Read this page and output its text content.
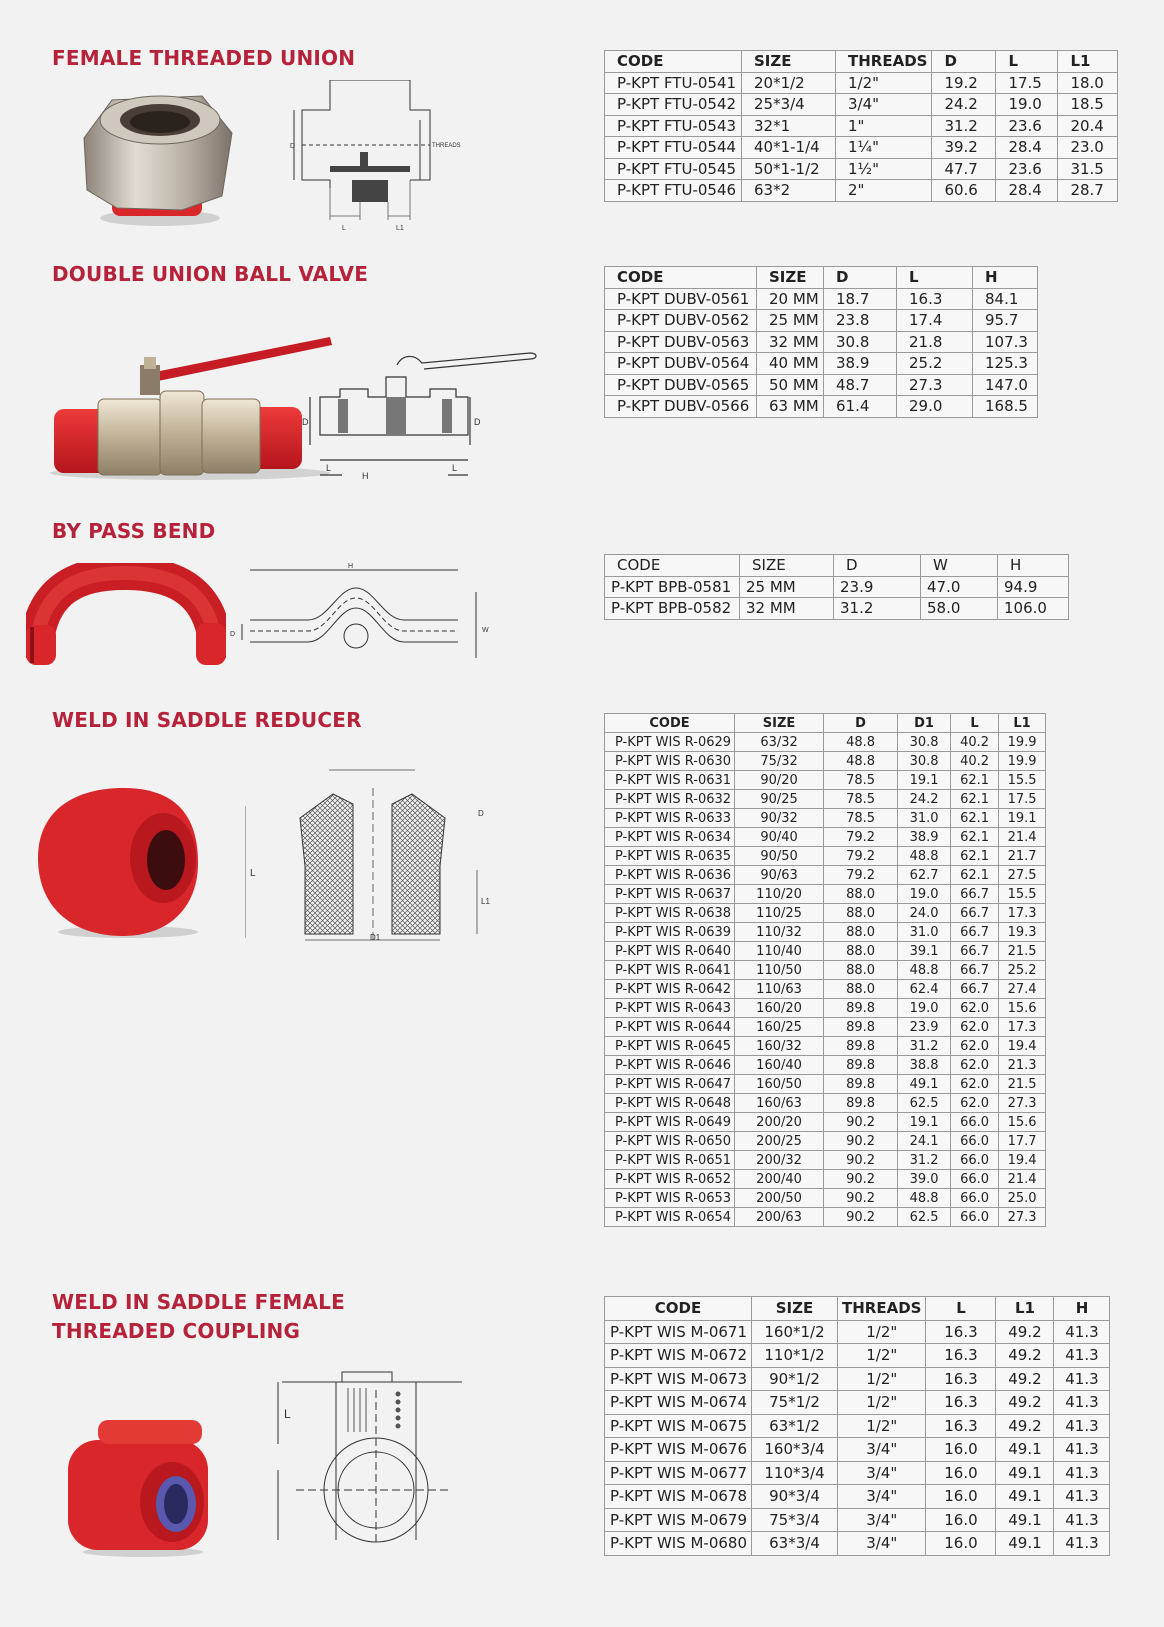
FEMALE THREADED UNION
DOUBLE UNION BALL VALVE
BY PASS BEND
WELD IN SADDLE REDUCER
WELD IN SADDLE FEMALE
THREADED COUPLING
CODE	SIZE	THREADS	D	L	L1
P-KPT FTU-0541	20*1/2	1/2"	19.2	17.5	18.0
P-KPT FTU-0542	25*3/4	3/4"	24.2	19.0	18.5
P-KPT FTU-0543	32*1	1"	31.2	23.6	20.4
P-KPT FTU-0544	40*1-1/4	1¼"	39.2	28.4	23.0
P-KPT FTU-0545	50*1-1/2	1½"	47.7	23.6	31.5
P-KPT FTU-0546	63*2	2"	60.6	28.4	28.7
CODE	SIZE	D	L	H
P-KPT DUBV-0561	20 MM	18.7	16.3	84.1
P-KPT DUBV-0562	25 MM	23.8	17.4	95.7
P-KPT DUBV-0563	32 MM	30.8	21.8	107.3
P-KPT DUBV-0564	40 MM	38.9	25.2	125.3
P-KPT DUBV-0565	50 MM	48.7	27.3	147.0
P-KPT DUBV-0566	63 MM	61.4	29.0	168.5
CODE	SIZE	D	W	H
P-KPT BPB-0581	25 MM	23.9	47.0	94.9
P-KPT BPB-0582	32 MM	31.2	58.0	106.0
CODE	SIZE	D	D1	L	L1
P-KPT WIS R-0629	63/32	48.8	30.8	40.2	19.9
P-KPT WIS R-0630	75/32	48.8	30.8	40.2	19.9
P-KPT WIS R-0631	90/20	78.5	19.1	62.1	15.5
P-KPT WIS R-0632	90/25	78.5	24.2	62.1	17.5
P-KPT WIS R-0633	90/32	78.5	31.0	62.1	19.1
P-KPT WIS R-0634	90/40	79.2	38.9	62.1	21.4
P-KPT WIS R-0635	90/50	79.2	48.8	62.1	21.7
P-KPT WIS R-0636	90/63	79.2	62.7	62.1	27.5
P-KPT WIS R-0637	110/20	88.0	19.0	66.7	15.5
P-KPT WIS R-0638	110/25	88.0	24.0	66.7	17.3
P-KPT WIS R-0639	110/32	88.0	31.0	66.7	19.3
P-KPT WIS R-0640	110/40	88.0	39.1	66.7	21.5
P-KPT WIS R-0641	110/50	88.0	48.8	66.7	25.2
P-KPT WIS R-0642	110/63	88.0	62.4	66.7	27.4
P-KPT WIS R-0643	160/20	89.8	19.0	62.0	15.6
P-KPT WIS R-0644	160/25	89.8	23.9	62.0	17.3
P-KPT WIS R-0645	160/32	89.8	31.2	62.0	19.4
P-KPT WIS R-0646	160/40	89.8	38.8	62.0	21.3
P-KPT WIS R-0647	160/50	89.8	49.1	62.0	21.5
P-KPT WIS R-0648	160/63	89.8	62.5	62.0	27.3
P-KPT WIS R-0649	200/20	90.2	19.1	66.0	15.6
P-KPT WIS R-0650	200/25	90.2	24.1	66.0	17.7
P-KPT WIS R-0651	200/32	90.2	31.2	66.0	19.4
P-KPT WIS R-0652	200/40	90.2	39.0	66.0	21.4
P-KPT WIS R-0653	200/50	90.2	48.8	66.0	25.0
P-KPT WIS R-0654	200/63	90.2	62.5	66.0	27.3
CODE	SIZE	THREADS	L	L1	H
P-KPT WIS M-0671	160*1/2	1/2"	16.3	49.2	41.3
P-KPT WIS M-0672	110*1/2	1/2"	16.3	49.2	41.3
P-KPT WIS M-0673	90*1/2	1/2"	16.3	49.2	41.3
P-KPT WIS M-0674	75*1/2	1/2"	16.3	49.2	41.3
P-KPT WIS M-0675	63*1/2	1/2"	16.3	49.2	41.3
P-KPT WIS M-0676	160*3/4	3/4"	16.0	49.1	41.3
P-KPT WIS M-0677	110*3/4	3/4"	16.0	49.1	41.3
P-KPT WIS M-0678	90*3/4	3/4"	16.0	49.1	41.3
P-KPT WIS M-0679	75*3/4	3/4"	16.0	49.1	41.3
P-KPT WIS M-0680	63*3/4	3/4"	16.0	49.1	41.3
D	THREADS
L	L1
D	D
L
H
L
H
W
D
L
D
L1
D1
L
